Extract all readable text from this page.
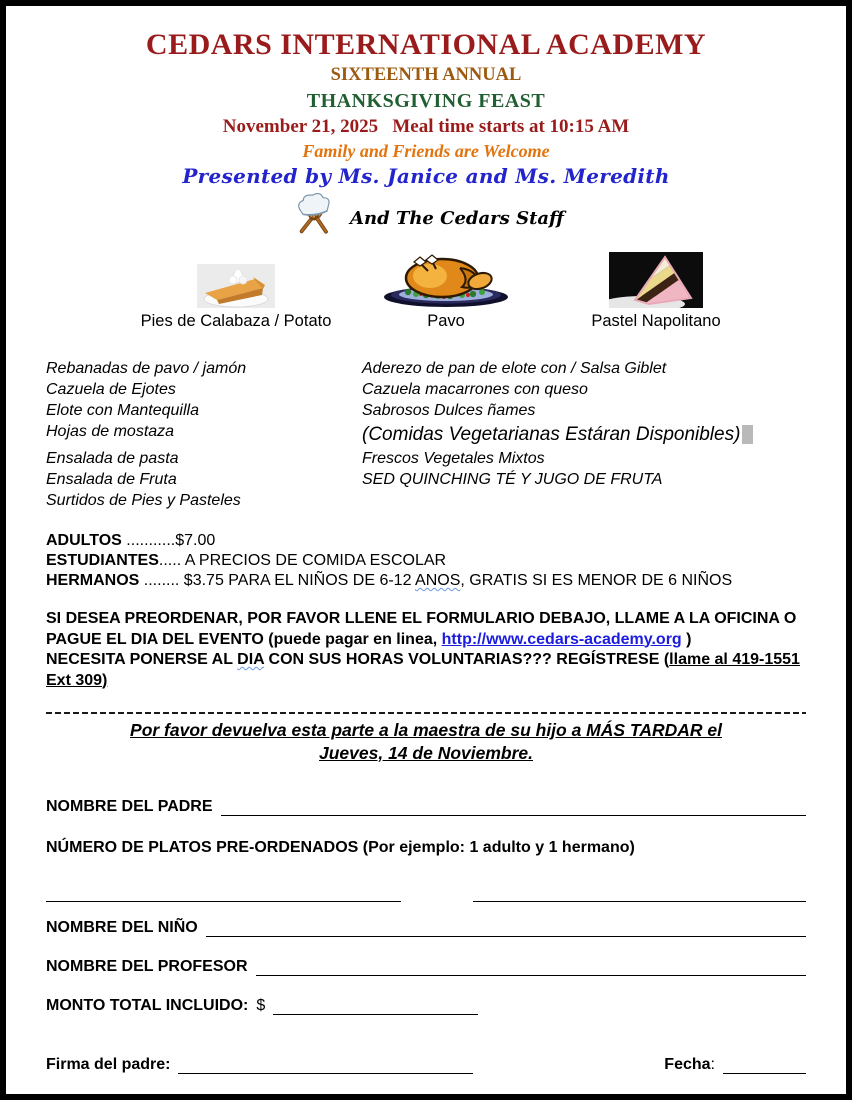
CEDARS INTERNATIONAL ACADEMY
SIXTEENTH ANNUAL
THANKSGIVING FEAST
November 21, 2025   Meal time starts at 10:15 AM
Family and Friends are Welcome
Presented by Ms. Janice and Ms. Meredith
And The Cedars Staff
Pies de Calabaza / Potato	Pavo	Pastel Napolitano
Rebanadas de pavo / jamón	Aderezo de pan de elote con / Salsa Giblet
Cazuela de Ejotes	Cazuela macarrones con queso
Elote con Mantequilla	Sabrosos Dulces ñames
Hojas de mostaza	(Comidas Vegetarianas Estáran Disponibles)
Ensalada de pasta	Frescos Vegetales Mixtos
Ensalada de Fruta	SED QUINCHING TÉ Y JUGO DE FRUTA
Surtidos de Pies y Pasteles
ADULTOS ...........$7.00
ESTUDIANTES..... A PRECIOS DE COMIDA ESCOLAR
HERMANOS ........ $3.75 PARA EL NIÑOS DE 6-12 ANOS, GRATIS SI ES MENOR DE 6 NIÑOS
SI DESEA PREORDENAR, POR FAVOR LLENE EL FORMULARIO DEBAJO, LLAME A LA OFICINA O PAGUE EL DIA DEL EVENTO (puede pagar en linea, http://www.cedars-academy.org )
NECESITA PONERSE AL DIA CON SUS HORAS VOLUNTARIAS??? REGÍSTRESE (llame al 419-1551 Ext 309)
Por favor devuelva esta parte a la maestra de su hijo a MÁS TARDAR el
Jueves, 14 de Noviembre.
NOMBRE DEL PADRE
NÚMERO DE PLATOS PRE-ORDENADOS (Por ejemplo: 1 adulto y 1 hermano)
NOMBRE DEL NIÑO
NOMBRE DEL PROFESOR
MONTO TOTAL INCLUIDO: $
Firma del padre:	Fecha:
